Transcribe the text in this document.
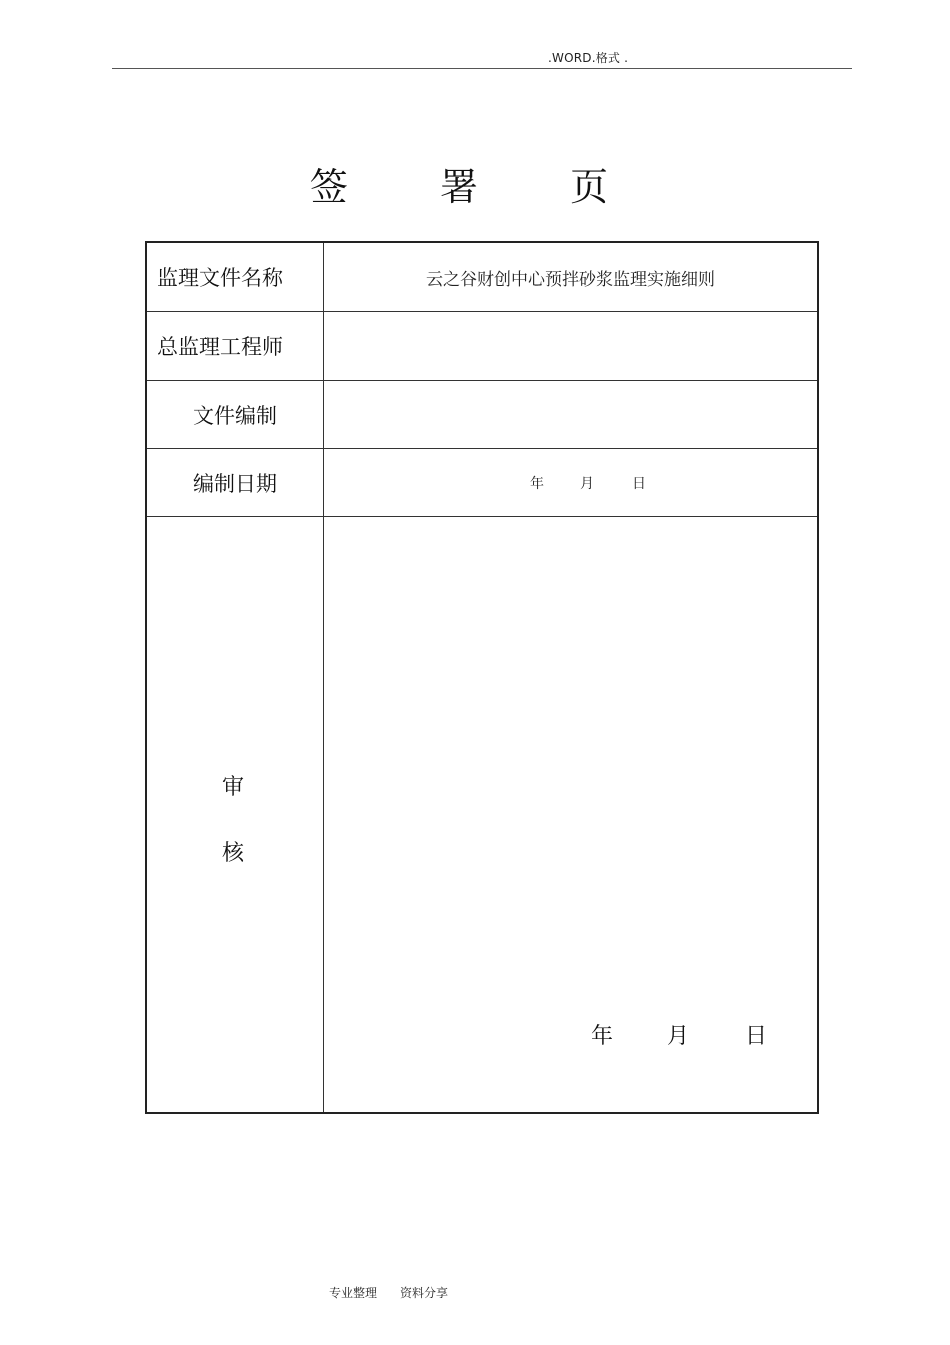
.WORD.格式 .
签 署 页
监理文件名称	云之谷财创中心预拌砂浆监理实施细则
总监理工程师
文件编制
编制日期	年	月	日
审
核
年 月	日
专业整理 资料分享
